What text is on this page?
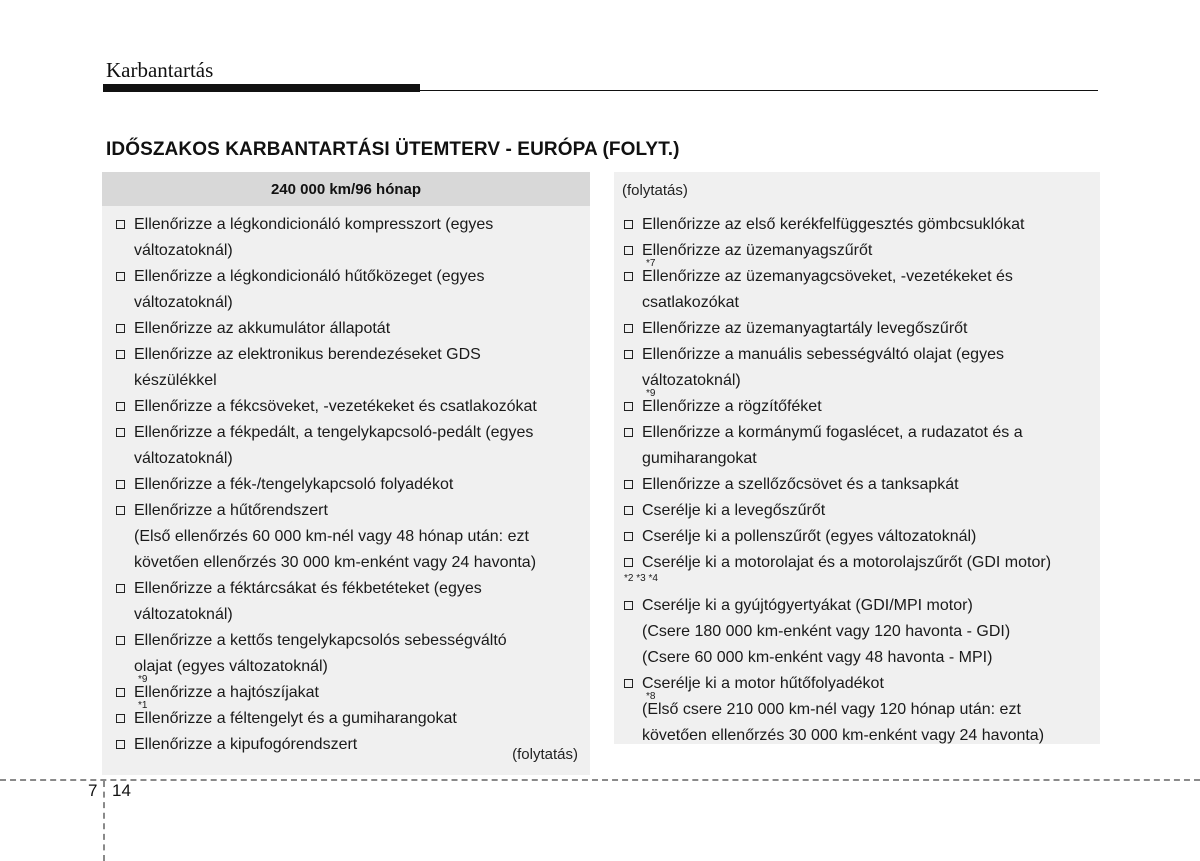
Karbantartás
IDŐSZAKOS KARBANTARTÁSI ÜTEMTERV - EURÓPA (FOLYT.)
240 000 km/96 hónap
Ellenőrizze a légkondicionáló kompresszort (egyes
változatoknál)
Ellenőrizze a légkondicionáló hűtőközeget (egyes
változatoknál)
Ellenőrizze az akkumulátor állapotát
Ellenőrizze az elektronikus berendezéseket GDS
készülékkel
Ellenőrizze a fékcsöveket, -vezetékeket és csatlakozókat
Ellenőrizze a fékpedált, a tengelykapcsoló-pedált (egyes
változatoknál)
Ellenőrizze a fék-/tengelykapcsoló folyadékot
Ellenőrizze a hűtőrendszert
(Első ellenőrzés 60 000 km-nél vagy 48 hónap után: ezt
követően ellenőrzés 30 000 km-enként vagy 24 havonta)
Ellenőrizze a féktárcsákat és fékbetéteket (egyes
változatoknál)
Ellenőrizze a kettős tengelykapcsolós sebességváltó
olajat (egyes változatoknál)
*9
Ellenőrizze a hajtószíjakat
*1
Ellenőrizze a féltengelyt és a gumiharangokat
Ellenőrizze a kipufogórendszert
(folytatás)
(folytatás)
Ellenőrizze az első kerékfelfüggesztés gömbcsuklókat
Ellenőrizze az üzemanyagszűrőt
*7
Ellenőrizze az üzemanyagcsöveket, -vezetékeket és
csatlakozókat
Ellenőrizze az üzemanyagtartály levegőszűrőt
Ellenőrizze a manuális sebességváltó olajat (egyes
változatoknál)
*9
Ellenőrizze a rögzítőféket
Ellenőrizze a kormánymű fogaslécet, a rudazatot és a
gumiharangokat
Ellenőrizze a szellőzőcsövet és a tanksapkát
Cserélje ki a levegőszűrőt
Cserélje ki a pollenszűrőt (egyes változatoknál)
Cserélje ki a motorolajat és a motorolajszűrőt (GDI motor)
*2 *3 *4
Cserélje ki a gyújtógyertyákat (GDI/MPI motor)
(Csere 180 000 km-enként vagy 120 havonta - GDI)
(Csere 60 000 km-enként vagy 48 havonta - MPI)
Cserélje ki a motor hűtőfolyadékot
*8
(Első csere 210 000 km-nél vagy 120 hónap után: ezt
követően ellenőrzés 30 000 km-enként vagy 24 havonta)
7 14
